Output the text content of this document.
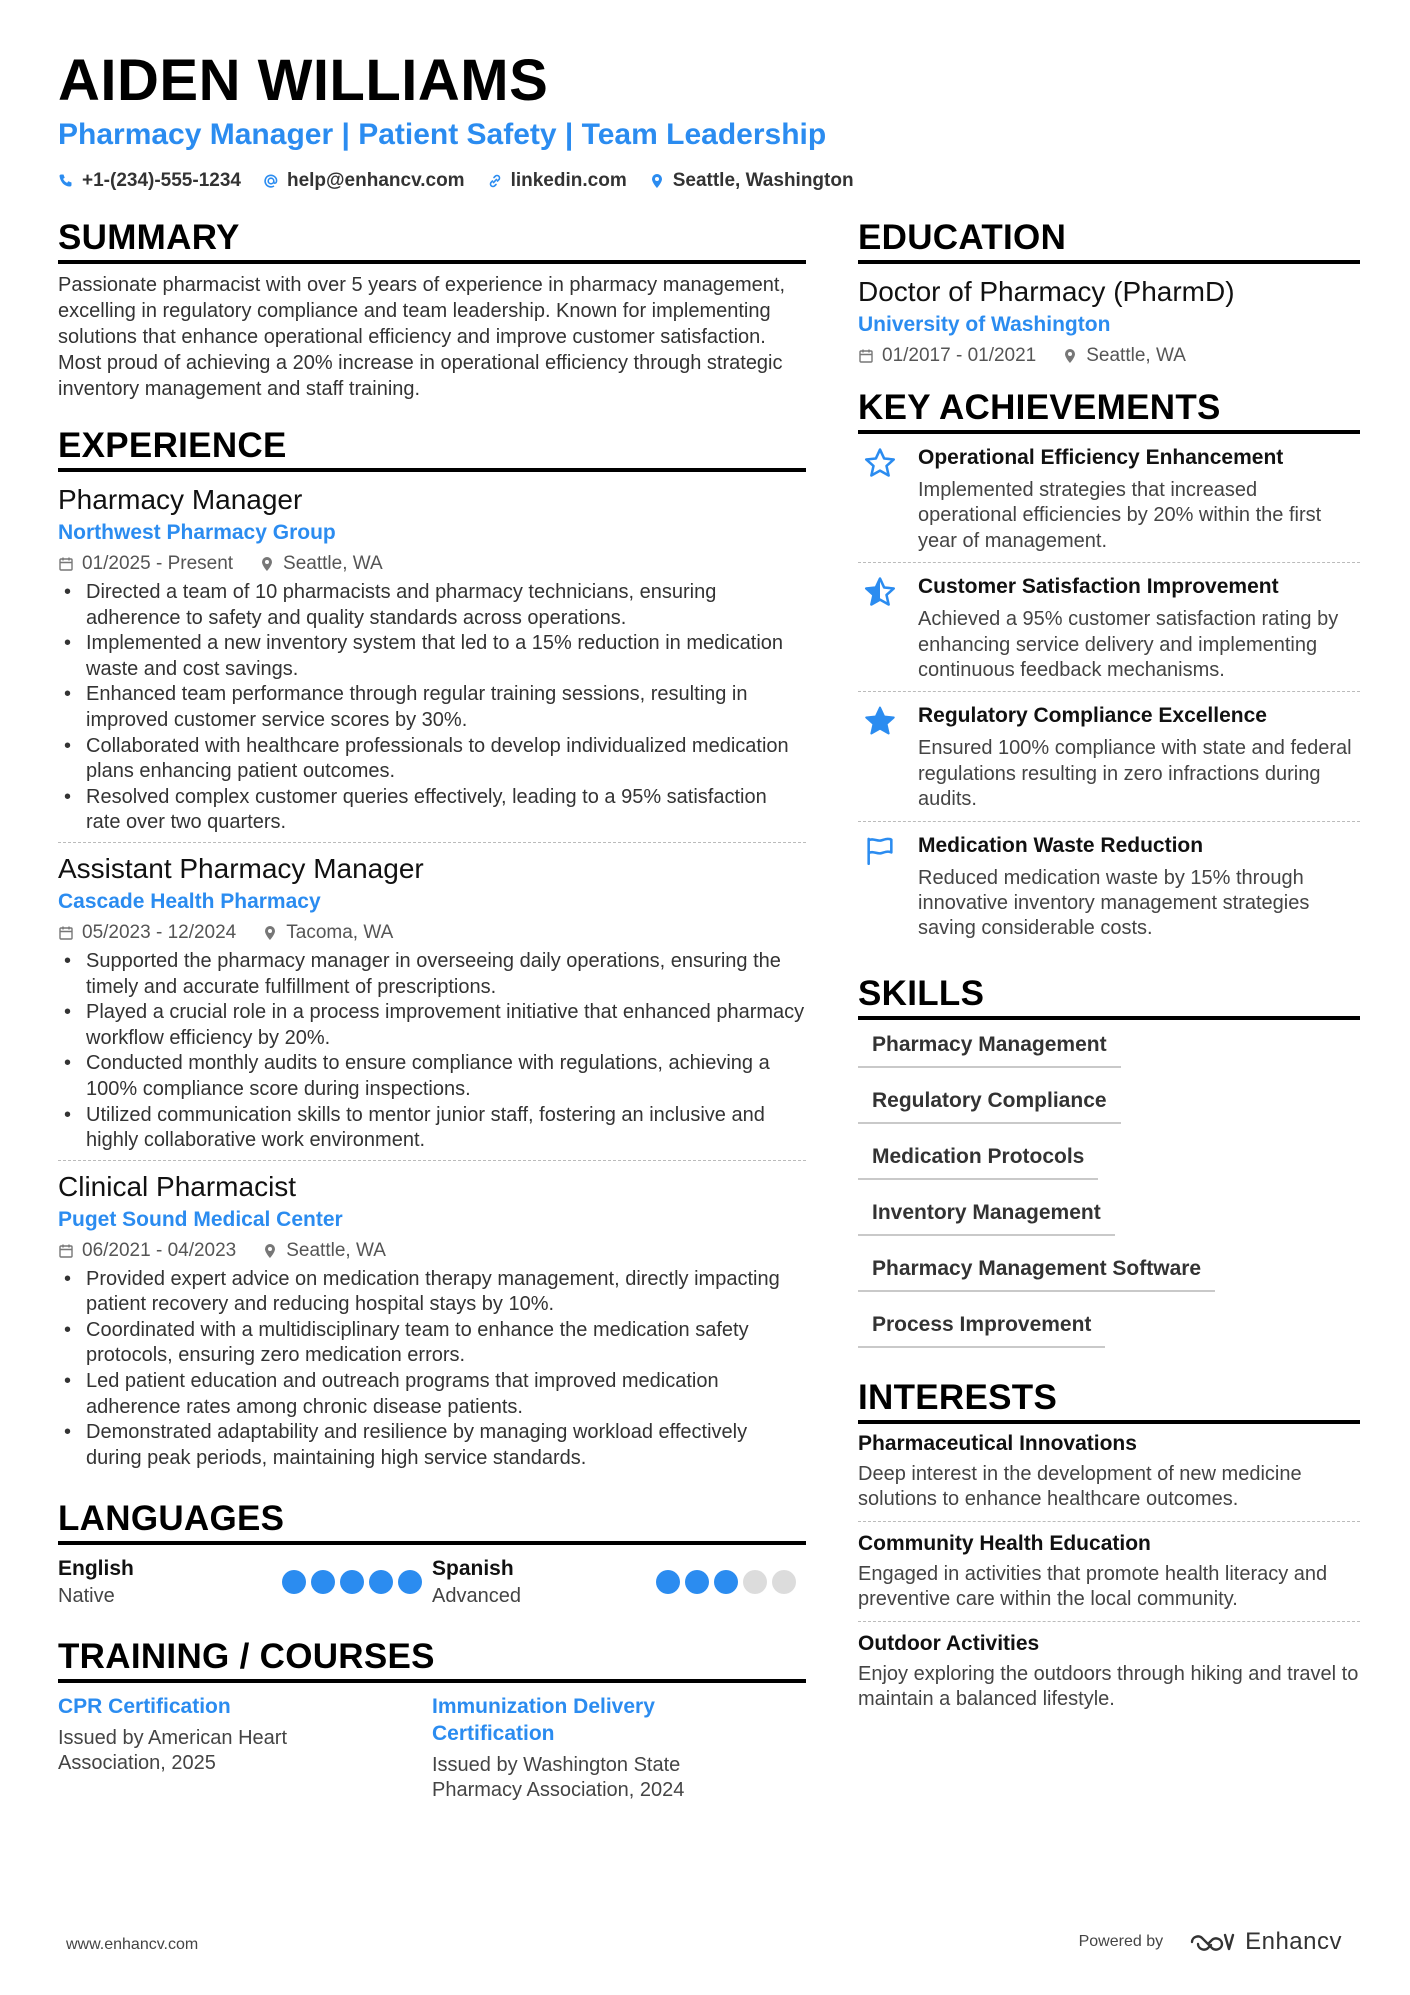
AIDEN WILLIAMS
Pharmacy Manager | Patient Safety | Team Leadership
+1-(234)-555-1234 help@enhancv.com linkedin.com Seattle, Washington
SUMMARY
Passionate pharmacist with over 5 years of experience in pharmacy management, excelling in regulatory compliance and team leadership. Known for implementing solutions that enhance operational efficiency and improve customer satisfaction. Most proud of achieving a 20% increase in operational efficiency through strategic inventory management and staff training.
EXPERIENCE
Pharmacy Manager
Northwest Pharmacy Group
01/2025 - Present	Seattle, WA
• Directed a team of 10 pharmacists and pharmacy technicians, ensuring adherence to safety and quality standards across operations.
• Implemented a new inventory system that led to a 15% reduction in medication waste and cost savings.
• Enhanced team performance through regular training sessions, resulting in improved customer service scores by 30%.
• Collaborated with healthcare professionals to develop individualized medication plans enhancing patient outcomes.
• Resolved complex customer queries effectively, leading to a 95% satisfaction rate over two quarters.
Assistant Pharmacy Manager
Cascade Health Pharmacy
05/2023 - 12/2024	Tacoma, WA
• Supported the pharmacy manager in overseeing daily operations, ensuring the timely and accurate fulfillment of prescriptions.
• Played a crucial role in a process improvement initiative that enhanced pharmacy workflow efficiency by 20%.
• Conducted monthly audits to ensure compliance with regulations, achieving a 100% compliance score during inspections.
• Utilized communication skills to mentor junior staff, fostering an inclusive and highly collaborative work environment.
Clinical Pharmacist
Puget Sound Medical Center
06/2021 - 04/2023	Seattle, WA
• Provided expert advice on medication therapy management, directly impacting patient recovery and reducing hospital stays by 10%.
• Coordinated with a multidisciplinary team to enhance the medication safety protocols, ensuring zero medication errors.
• Led patient education and outreach programs that improved medication adherence rates among chronic disease patients.
• Demonstrated adaptability and resilience by managing workload effectively during peak periods, maintaining high service standards.
LANGUAGES
English
Native
Spanish
Advanced
TRAINING / COURSES
CPR Certification
Issued by American Heart Association, 2025
Immunization Delivery Certification
Issued by Washington State Pharmacy Association, 2024
EDUCATION
Doctor of Pharmacy (PharmD)
University of Washington
01/2017 - 01/2021	Seattle, WA
KEY ACHIEVEMENTS
Operational Efficiency Enhancement
Implemented strategies that increased operational efficiencies by 20% within the first year of management.
Customer Satisfaction Improvement
Achieved a 95% customer satisfaction rating by enhancing service delivery and implementing continuous feedback mechanisms.
Regulatory Compliance Excellence
Ensured 100% compliance with state and federal regulations resulting in zero infractions during audits.
Medication Waste Reduction
Reduced medication waste by 15% through innovative inventory management strategies saving considerable costs.
SKILLS
Pharmacy Management
Regulatory Compliance
Medication Protocols
Inventory Management
Pharmacy Management Software
Process Improvement
INTERESTS
Pharmaceutical Innovations
Deep interest in the development of new medicine solutions to enhance healthcare outcomes.
Community Health Education
Engaged in activities that promote health literacy and preventive care within the local community.
Outdoor Activities
Enjoy exploring the outdoors through hiking and travel to maintain a balanced lifestyle.
www.enhancv.com	Powered by	Enhancv
